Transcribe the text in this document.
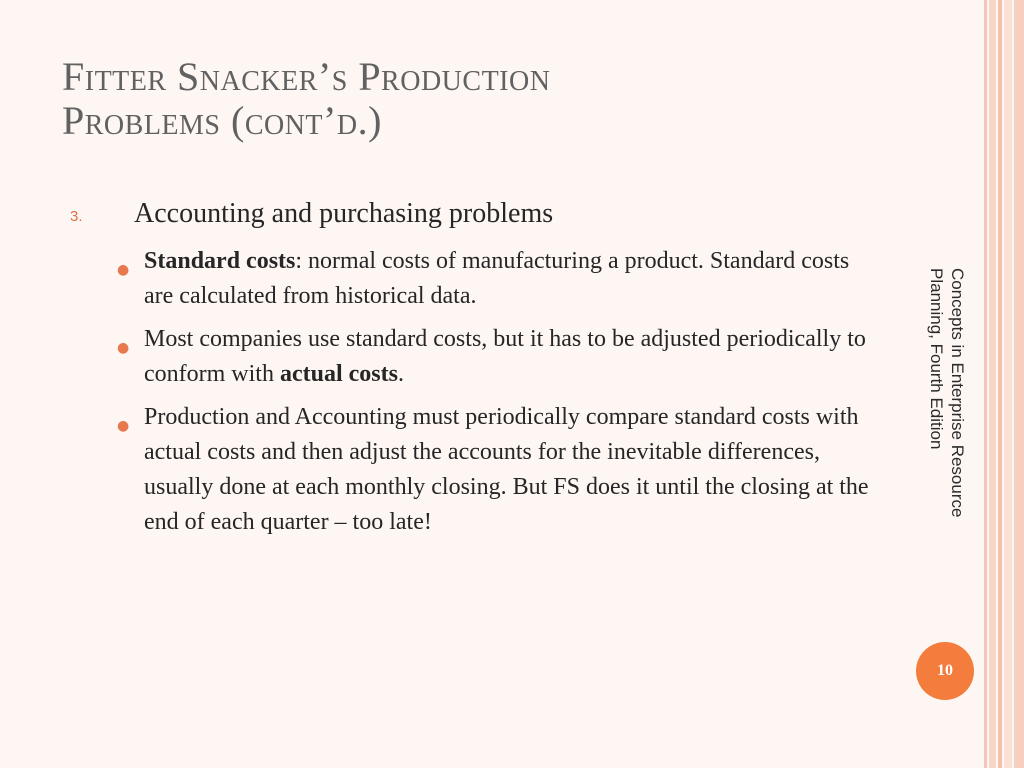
Fitter Snacker’s Production
Problems (cont’d.)
3. Accounting and purchasing problems
● Standard costs: normal costs of manufacturing a product. Standard costs are calculated from historical data.
● Most companies use standard costs, but it has to be adjusted periodically to conform with actual costs.
● Production and Accounting must periodically compare standard costs with actual costs and then adjust the accounts for the inevitable differences, usually done at each monthly closing. But FS does it until the closing at the end of each quarter – too late!
Concepts in Enterprise Resource
Planning, Fourth Edition
10
